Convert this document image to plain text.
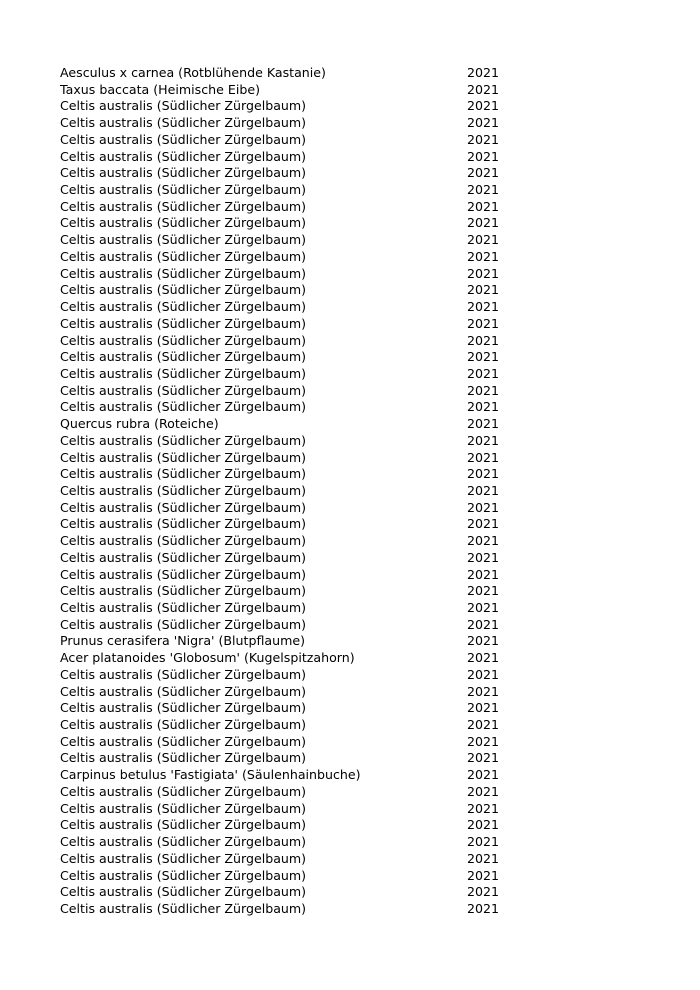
Aesculus x carnea (Rotblühende Kastanie)	2021
Taxus baccata (Heimische Eibe)	2021
Celtis australis (Südlicher Zürgelbaum)	2021
Celtis australis (Südlicher Zürgelbaum)	2021
Celtis australis (Südlicher Zürgelbaum)	2021
Celtis australis (Südlicher Zürgelbaum)	2021
Celtis australis (Südlicher Zürgelbaum)	2021
Celtis australis (Südlicher Zürgelbaum)	2021
Celtis australis (Südlicher Zürgelbaum)	2021
Celtis australis (Südlicher Zürgelbaum)	2021
Celtis australis (Südlicher Zürgelbaum)	2021
Celtis australis (Südlicher Zürgelbaum)	2021
Celtis australis (Südlicher Zürgelbaum)	2021
Celtis australis (Südlicher Zürgelbaum)	2021
Celtis australis (Südlicher Zürgelbaum)	2021
Celtis australis (Südlicher Zürgelbaum)	2021
Celtis australis (Südlicher Zürgelbaum)	2021
Celtis australis (Südlicher Zürgelbaum)	2021
Celtis australis (Südlicher Zürgelbaum)	2021
Celtis australis (Südlicher Zürgelbaum)	2021
Celtis australis (Südlicher Zürgelbaum)	2021
Quercus rubra (Roteiche)	2021
Celtis australis (Südlicher Zürgelbaum)	2021
Celtis australis (Südlicher Zürgelbaum)	2021
Celtis australis (Südlicher Zürgelbaum)	2021
Celtis australis (Südlicher Zürgelbaum)	2021
Celtis australis (Südlicher Zürgelbaum)	2021
Celtis australis (Südlicher Zürgelbaum)	2021
Celtis australis (Südlicher Zürgelbaum)	2021
Celtis australis (Südlicher Zürgelbaum)	2021
Celtis australis (Südlicher Zürgelbaum)	2021
Celtis australis (Südlicher Zürgelbaum)	2021
Celtis australis (Südlicher Zürgelbaum)	2021
Celtis australis (Südlicher Zürgelbaum)	2021
Prunus cerasifera 'Nigra' (Blutpflaume)	2021
Acer platanoides 'Globosum' (Kugelspitzahorn)	2021
Celtis australis (Südlicher Zürgelbaum)	2021
Celtis australis (Südlicher Zürgelbaum)	2021
Celtis australis (Südlicher Zürgelbaum)	2021
Celtis australis (Südlicher Zürgelbaum)	2021
Celtis australis (Südlicher Zürgelbaum)	2021
Celtis australis (Südlicher Zürgelbaum)	2021
Carpinus betulus 'Fastigiata' (Säulenhainbuche)	2021
Celtis australis (Südlicher Zürgelbaum)	2021
Celtis australis (Südlicher Zürgelbaum)	2021
Celtis australis (Südlicher Zürgelbaum)	2021
Celtis australis (Südlicher Zürgelbaum)	2021
Celtis australis (Südlicher Zürgelbaum)	2021
Celtis australis (Südlicher Zürgelbaum)	2021
Celtis australis (Südlicher Zürgelbaum)	2021
Celtis australis (Südlicher Zürgelbaum)	2021
